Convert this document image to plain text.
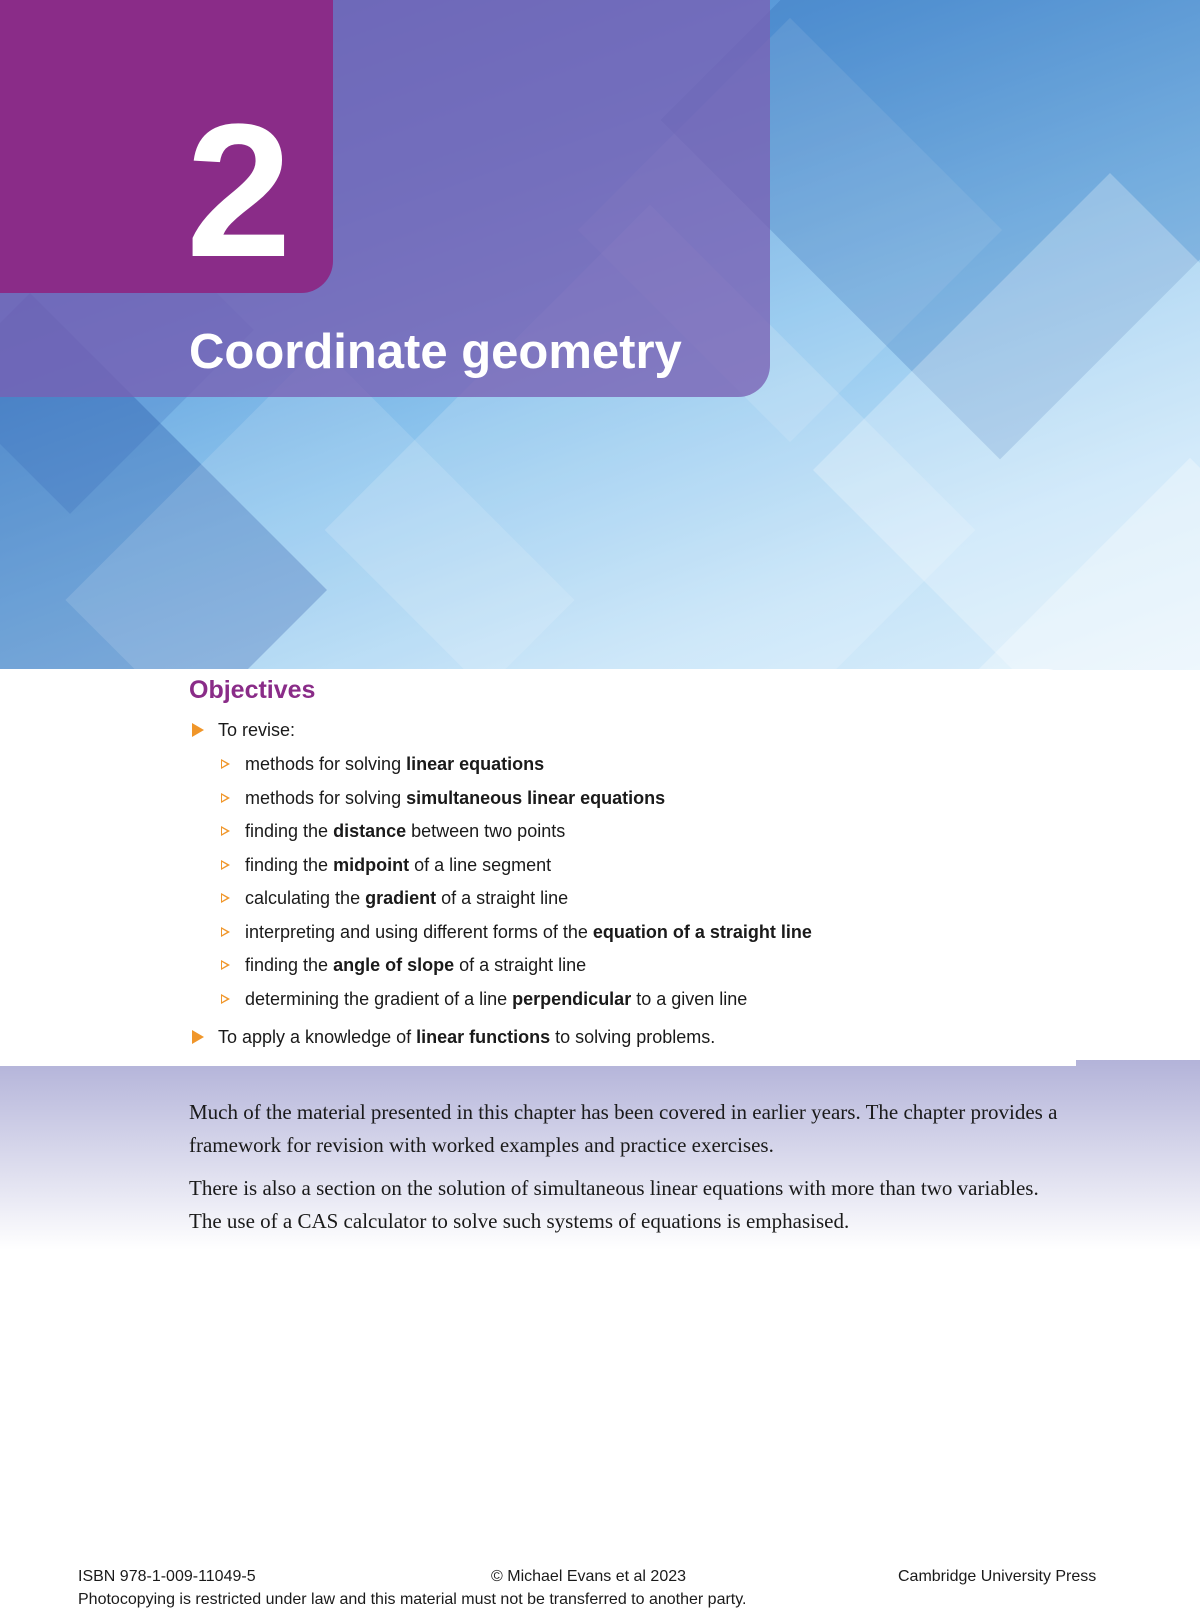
2
Coordinate geometry
Objectives
To revise:
methods for solving linear equations
methods for solving simultaneous linear equations
finding the distance between two points
finding the midpoint of a line segment
calculating the gradient of a straight line
interpreting and using different forms of the equation of a straight line
finding the angle of slope of a straight line
determining the gradient of a line perpendicular to a given line
To apply a knowledge of linear functions to solving problems.

Much of the material presented in this chapter has been covered in earlier years. The chapter provides a framework for revision with worked examples and practice exercises.

There is also a section on the solution of simultaneous linear equations with more than two variables. The use of a CAS calculator to solve such systems of equations is emphasised.

ISBN 978-1-009-11049-5	© Michael Evans et al 2023	Cambridge University Press
Photocopying is restricted under law and this material must not be transferred to another party.
